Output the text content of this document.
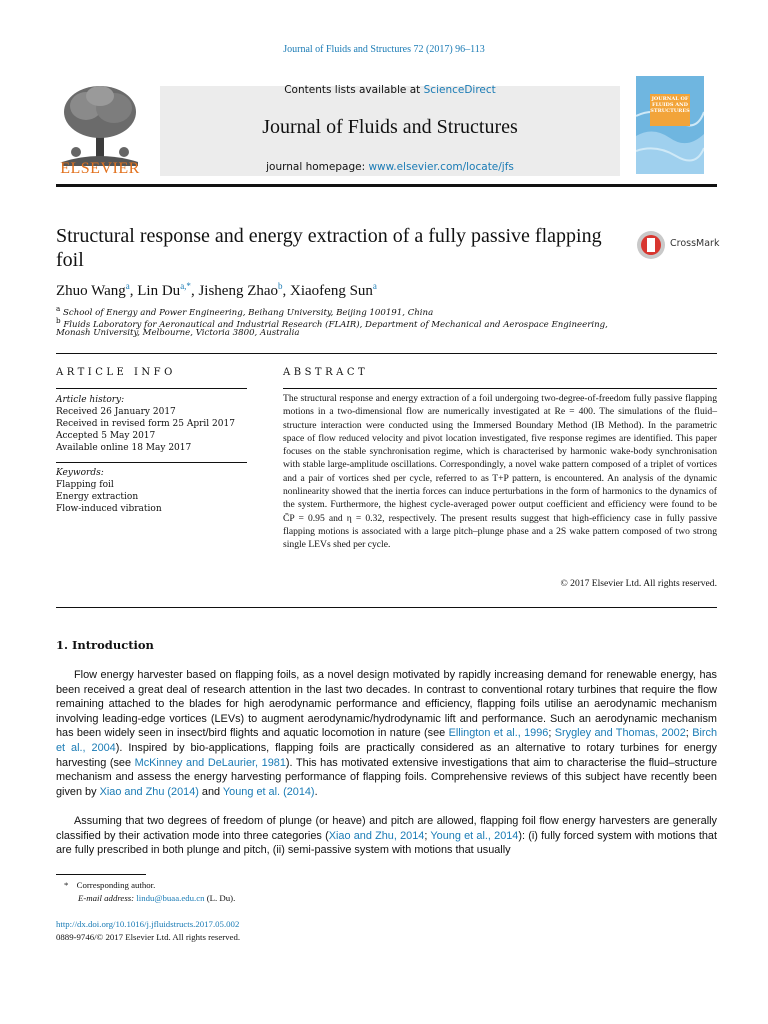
Journal of Fluids and Structures 72 (2017) 96–113
ELSEVIER
Contents lists available at ScienceDirect
Journal of Fluids and Structures
journal homepage: www.elsevier.com/locate/jfs
JOURNAL OF FLUIDS AND STRUCTURES
Structural response and energy extraction of a fully passive flapping foil
CrossMark
Zhuo Wang$^a$, Lin $Du^{a,*}$, Jisheng Zhao$^b$, Xiaofeng Sun$^a$
$^a$ School of Energy and Power Engineering, Beihang University, Beijing 100191, China
$^b$ Fluids Laboratory for Aeronautical and Industrial Research (FLAIR), Department of Mechanical and Aerospace Engineering,
Monash University, Melbourne, Victoria 3800, Australia
ARTICLE INFO
Article history:
Received 26 January 2017
Received in revised form 25 April 2017
Accepted 5 May 2017
Available online 18 May 2017
Keywords:
Flapping foil
Energy extraction
Flow-induced vibration
ABSTRACT
The structural response and energy extraction of a foil undergoing two-degree-of-freedom fully passive flapping motions in a two-dimensional flow are numerically investigated at Re = 400. The simulations of the fluid–structure interaction were conducted using the Immersed Boundary Method (IB Method). In the parametric space of flow reduced velocity and pivot location investigated, five response regimes are identified. This paper focuses on the stable synchronisation regime, which is characterised by harmonic wake-body synchronisation with stable large-amplitude oscillations. Correspondingly, a novel wake pattern composed of a triplet of vortices and a pair of vortices shed per cycle, referred to as T+P pattern, is encountered. An analysis of the dynamic nonlinearity showed that the inertia forces can induce perturbations in the form of harmonics to the dynamics of the system. Furthermore, the highest cycle-averaged power output coefficient and efficiency were found to be C̄P = 0.95 and η = 0.32, respectively. The present results suggest that high-efficiency case in fully passive flapping motions is associated with a large pitch–plunge phase and a 2S wake pattern composed of two strong single LEVs shed per cycle.
© 2017 Elsevier Ltd. All rights reserved.
1. Introduction
Flow energy harvester based on flapping foils, as a novel design motivated by rapidly increasing demand for renewable energy, has been received a great deal of research attention in the last two decades. In contrast to conventional rotary turbines that require the flow remaining attached to the blades for high aerodynamic performance and efficiency, flapping foils utilise an aerodynamic mechanism involving leading-edge vortices (LEVs) to augment aerodynamic/hydrodynamic lift and performance. Such an aerodynamic mechanism has been widely seen in insect/bird flights and aquatic locomotion in nature (see Ellington et al., 1996; Srygley and Thomas, 2002; Birch et al., 2004). Inspired by bio-applications, flapping foils are practically considered as an alternative to rotary turbines for energy harvesting (see McKinney and DeLaurier, 1981). This has motivated extensive investigations that aim to characterise the fluid–structure mechanism and assess the energy harvesting performance of flapping foils. Comprehensive reviews of this subject have recently been given by Xiao and Zhu (2014) and Young et al. (2014).
Assuming that two degrees of freedom of plunge (or heave) and pitch are allowed, flapping foil flow energy harvesters are generally classified by their activation mode into three categories (Xiao and Zhu, 2014; Young et al., 2014): (i) fully forced system with motions that are fully prescribed in both plunge and pitch, (ii) semi-passive system with motions that usually
* Corresponding author.
E-mail address: lindu@buaa.edu.cn (L. Du).
http://dx.doi.org/10.1016/j.jfluidstructs.2017.05.002
0889-9746/© 2017 Elsevier Ltd. All rights reserved.
